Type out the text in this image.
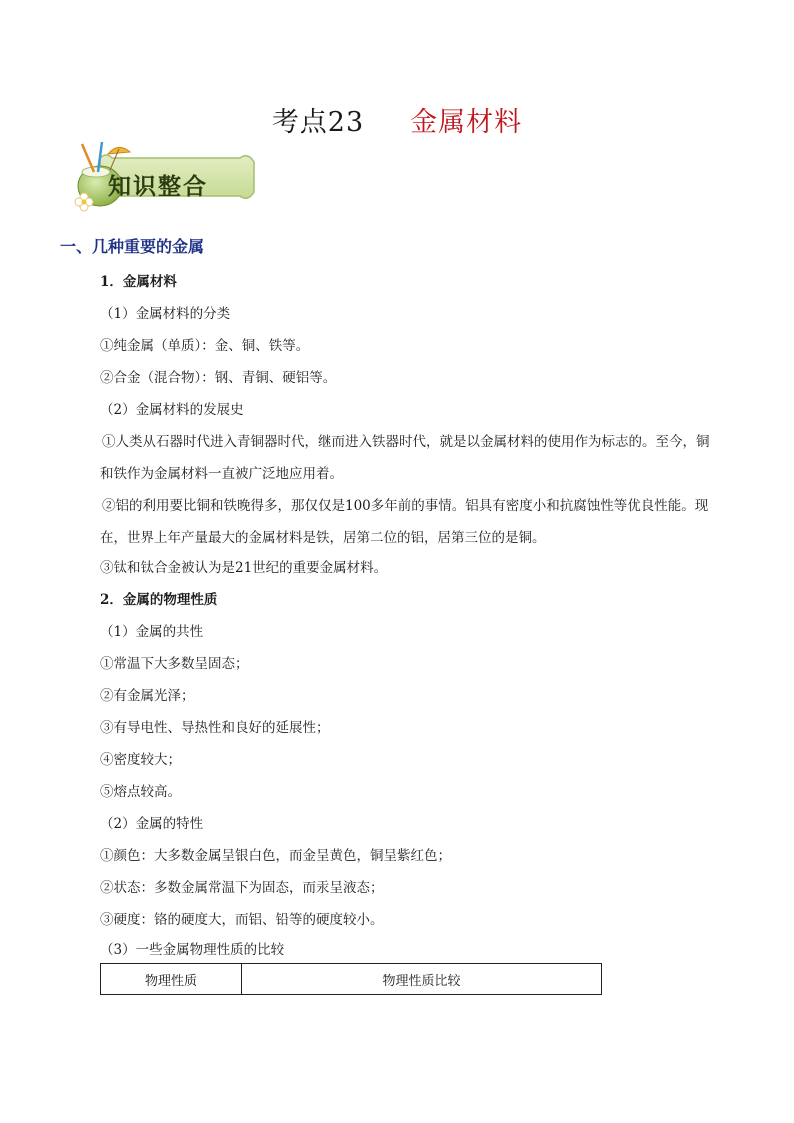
考点23 金属材料
知识整合
一、几种重要的金属
1．金属材料
（1）金属材料的分类
①纯金属（单质）：金、铜、铁等。
②合金（混合物）：钢、青铜、硬铝等。
（2）金属材料的发展史
①人类从石器时代进入青铜器时代，继而进入铁器时代，就是以金属材料的使用作为标志的。至今，铜和铁作为金属材料一直被广泛地应用着。
②铝的利用要比铜和铁晚得多，那仅仅是100多年前的事情。铝具有密度小和抗腐蚀性等优良性能。现在，世界上年产量最大的金属材料是铁，居第二位的铝，居第三位的是铜。
③钛和钛合金被认为是21世纪的重要金属材料。
2．金属的物理性质
（1）金属的共性
①常温下大多数呈固态；
②有金属光泽；
③有导电性、导热性和良好的延展性；
④密度较大；
⑤熔点较高。
（2）金属的特性
①颜色：大多数金属呈银白色，而金呈黄色，铜呈紫红色；
②状态：多数金属常温下为固态，而汞呈液态；
③硬度：铬的硬度大，而铝、铅等的硬度较小。
（3）一些金属物理性质的比较
物理性质	物理性质比较
